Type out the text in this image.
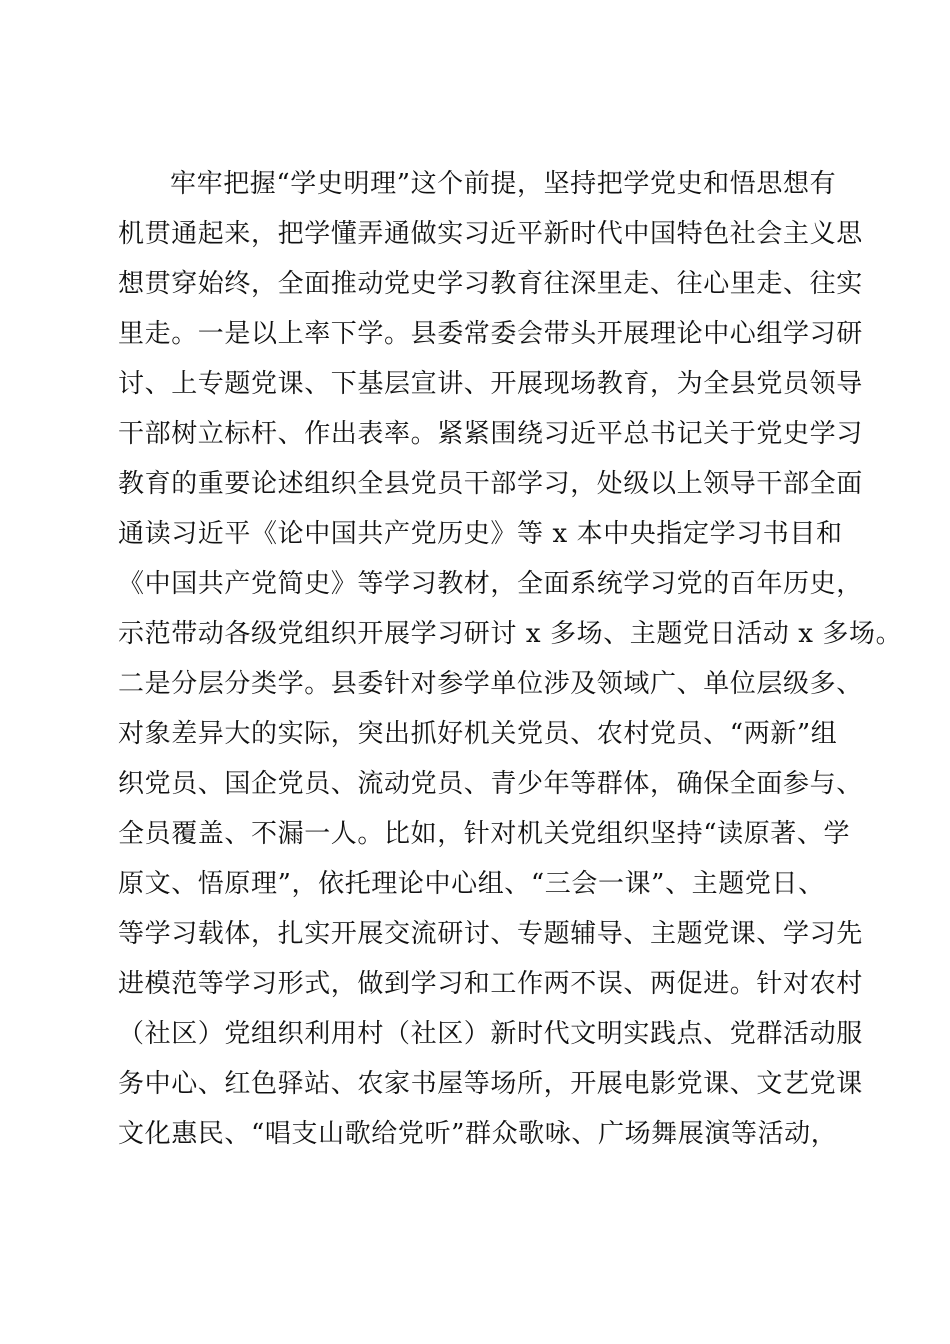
牢牢把握“学史明理”这个前提，坚持把学党史和悟思想有
机贯通起来，把学懂弄通做实习近平新时代中国特色社会主义思
想贯穿始终，全面推动党史学习教育往深里走、往心里走、往实
里走。一是以上率下学。县委常委会带头开展理论中心组学习研
讨、上专题党课、下基层宣讲、开展现场教育，为全县党员领导
干部树立标杆、作出表率。紧紧围绕习近平总书记关于党史学习
教育的重要论述组织全县党员干部学习，处级以上领导干部全面
通读习近平《论中国共产党历史》等 x 本中央指定学习书目和
《中国共产党简史》等学习教材，全面系统学习党的百年历史，
示范带动各级党组织开展学习研讨 x 多场、主题党日活动 x 多场。
二是分层分类学。县委针对参学单位涉及领域广、单位层级多、
对象差异大的实际，突出抓好机关党员、农村党员、“两新”组
织党员、国企党员、流动党员、青少年等群体，确保全面参与、
全员覆盖、不漏一人。比如，针对机关党组织坚持“读原著、学
原文、悟原理”，依托理论中心组、“三会一课”、主题党日、
等学习载体，扎实开展交流研讨、专题辅导、主题党课、学习先
进模范等学习形式，做到学习和工作两不误、两促进。针对农村
（社区）党组织利用村（社区）新时代文明实践点、党群活动服
务中心、红色驿站、农家书屋等场所，开展电影党课、文艺党课
文化惠民、“唱支山歌给党听”群众歌咏、广场舞展演等活动，
